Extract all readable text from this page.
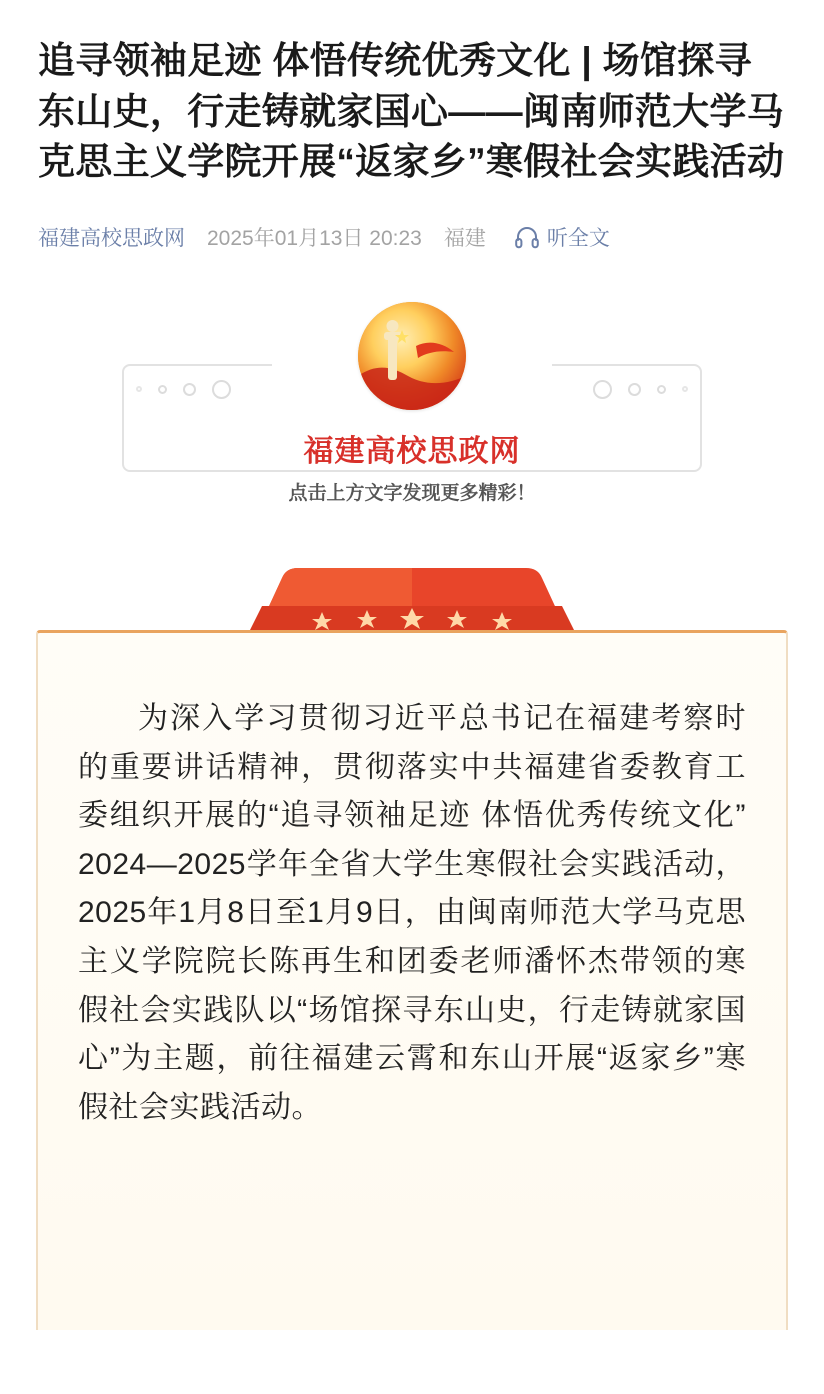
追寻领袖足迹 体悟传统优秀文化 | 场馆探寻东山史，行走铸就家国心——闽南师范大学马克思主义学院开展“返家乡”寒假社会实践活动
福建高校思政网 2025年01月13日 20:23 福建	听全文
福建高校思政网
点击上方文字发现更多精彩！

为深入学习贯彻习近平总书记在福建考察时的重要讲话精神，贯彻落实中共福建省委教育工委组织开展的“追寻领袖足迹 体悟优秀传统文化”2024—2025学年全省大学生寒假社会实践活动，2025年1月8日至1月9日，由闽南师范大学马克思主义学院院长陈再生和团委老师潘怀杰带领的寒假社会实践队以“场馆探寻东山史，行走铸就家国心”为主题，前往福建云霄和东山开展“返家乡”寒假社会实践活动。
